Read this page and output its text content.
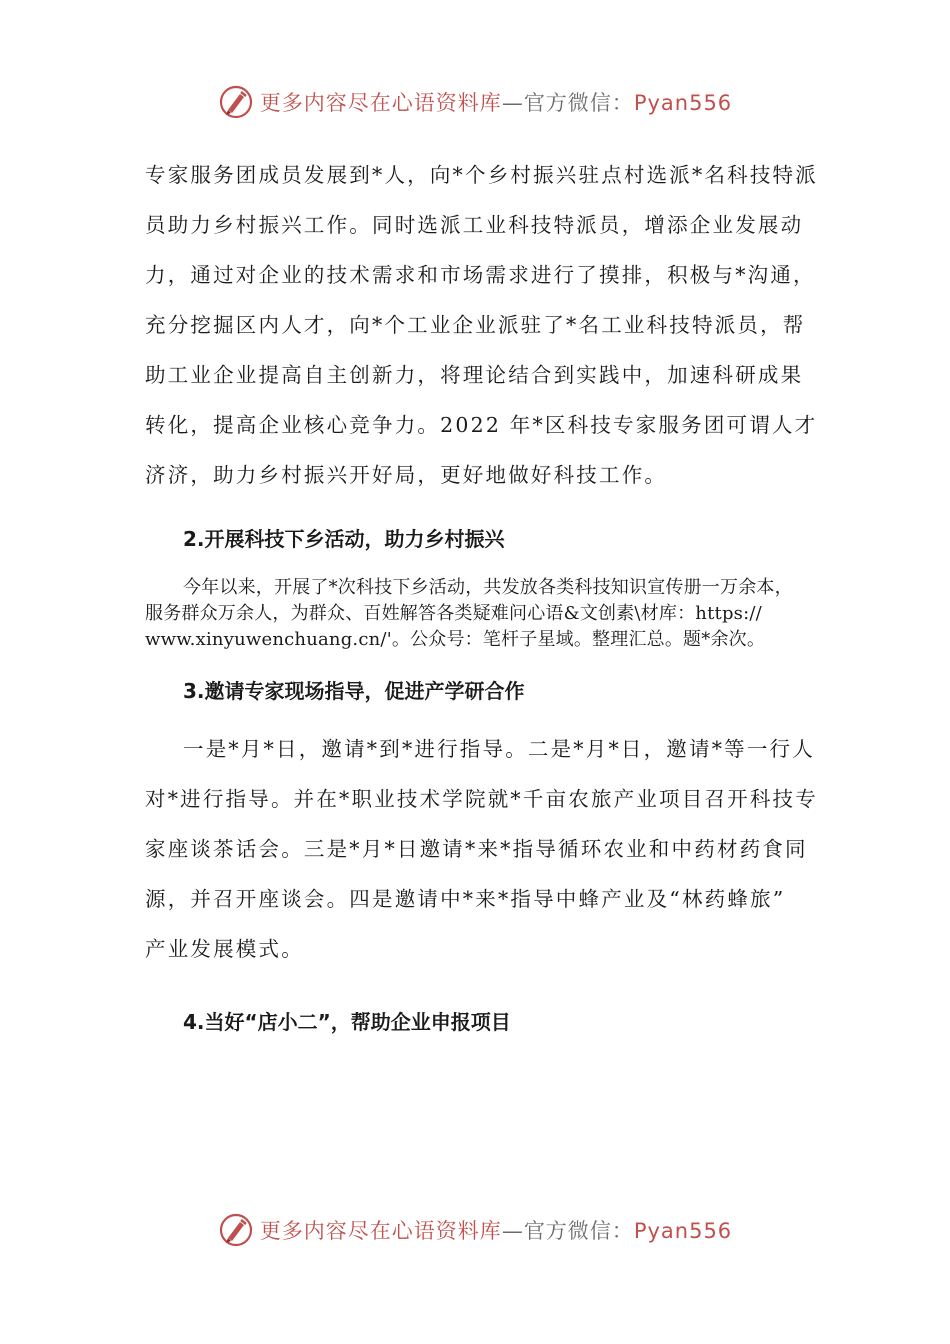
更多内容尽在心语资料库—官方微信：Pyan556

专家服务团成员发展到*人，向*个乡村振兴驻点村选派*名科技特派
员助力乡村振兴工作。同时选派工业科技特派员，增添企业发展动
力，通过对企业的技术需求和市场需求进行了摸排，积极与*沟通，
充分挖掘区内人才，向*个工业企业派驻了*名工业科技特派员，帮
助工业企业提高自主创新力，将理论结合到实践中，加速科研成果
转化，提高企业核心竞争力。2022 年*区科技专家服务团可谓人才
济济，助力乡村振兴开好局，更好地做好科技工作。

2.开展科技下乡活动，助力乡村振兴

今年以来，开展了*次科技下乡活动，共发放各类科技知识宣传册一万余本，
服务群众万余人，为群众、百姓解答各类疑难问心语&文创素\材库：https://
www.xinyuwenchuang.cn/'。公众号：笔杆子星域。整理汇总。题*余次。

3.邀请专家现场指导，促进产学研合作

一是*月*日，邀请*到*进行指导。二是*月*日，邀请*等一行人
对*进行指导。并在*职业技术学院就*千亩农旅产业项目召开科技专
家座谈茶话会。三是*月*日邀请*来*指导循环农业和中药材药食同
源，并召开座谈会。四是邀请中*来*指导中蜂产业及“林药蜂旅”
产业发展模式。

4.当好“店小二”，帮助企业申报项目
更多内容尽在心语资料库—官方微信：Pyan556
